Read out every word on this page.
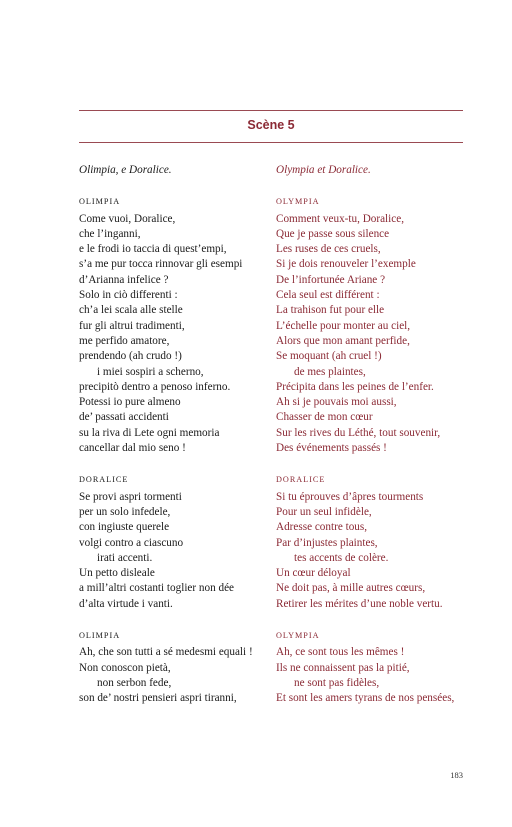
Scène 5
Olimpia, e Doralice.
OLIMPIA
Come vuoi, Doralice,
che l’inganni,
e le frodi io taccia di quest’empi,
s’a me pur tocca rinnovar gli esempi
d’Arianna infelice ?
Solo in ciò differenti :
ch’a lei scala alle stelle
fur gli altrui tradimenti,
me perfido amatore,
prendendo (ah crudo !)
i miei sospiri a scherno,
precipitò dentro a penoso inferno.
Potessi io pure almeno
de’ passati accidenti
su la riva di Lete ogni memoria
cancellar dal mio seno !
DORALICE
Se provi aspri tormenti
per un solo infedele,
con ingiuste querele
volgi contro a ciascuno
irati accenti.
Un petto disleale
a mill’altri costanti toglier non dée
d’alta virtude i vanti.
OLIMPIA
Ah, che son tutti a sé medesmi equali !
Non conoscon pietà,
non serbon fede,
son de’ nostri pensieri aspri tiranni,
Olympia et Doralice.
OLYMPIA
Comment veux-tu, Doralice,
Que je passe sous silence
Les ruses de ces cruels,
Si je dois renouveler l’exemple
De l’infortunée Ariane ?
Cela seul est différent :
La trahison fut pour elle
L’échelle pour monter au ciel,
Alors que mon amant perfide,
Se moquant (ah cruel !)
de mes plaintes,
Précipita dans les peines de l’enfer.
Ah si je pouvais moi aussi,
Chasser de mon cœur
Sur les rives du Léthé, tout souvenir,
Des événements passés !
DORALICE
Si tu éprouves d’âpres tourments
Pour un seul infidèle,
Adresse contre tous,
Par d’injustes plaintes,
tes accents de colère.
Un cœur déloyal
Ne doit pas, à mille autres cœurs,
Retirer les mérites d’une noble vertu.
OLYMPIA
Ah, ce sont tous les mêmes !
Ils ne connaissent pas la pitié,
ne sont pas fidèles,
Et sont les amers tyrans de nos pensées,
183
